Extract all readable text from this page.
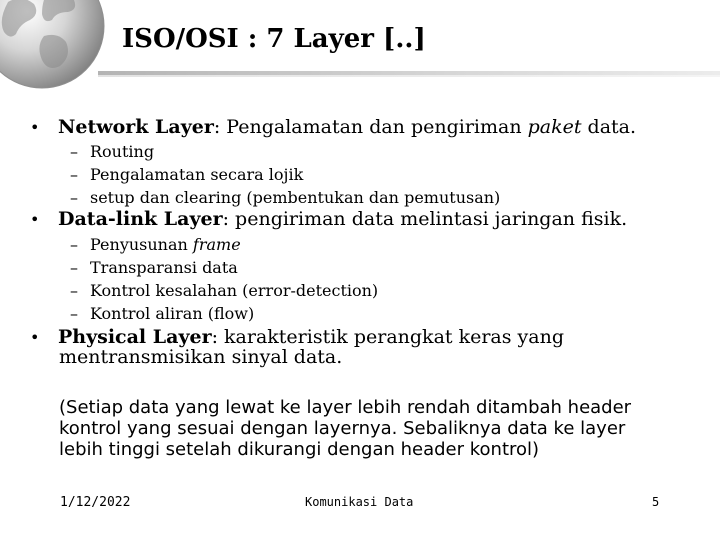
ISO/OSI : 7 Layer [..]
• Network Layer: Pengalamatan dan pengiriman paket data.
– Routing
– Pengalamatan secara lojik
– setup dan clearing (pembentukan dan pemutusan)
• Data-link Layer: pengiriman data melintasi jaringan fisik.
– Penyusunan frame
– Transparansi data
– Kontrol kesalahan (error-detection)
– Kontrol aliran (flow)
• Physical Layer: karakteristik perangkat keras yang
mentransmisikan sinyal data.
(Setiap data yang lewat ke layer lebih rendah ditambah header
kontrol yang sesuai dengan layernya. Sebaliknya data ke layer
lebih tinggi setelah dikurangi dengan header kontrol)
1/12/2022	Komunikasi Data	5
